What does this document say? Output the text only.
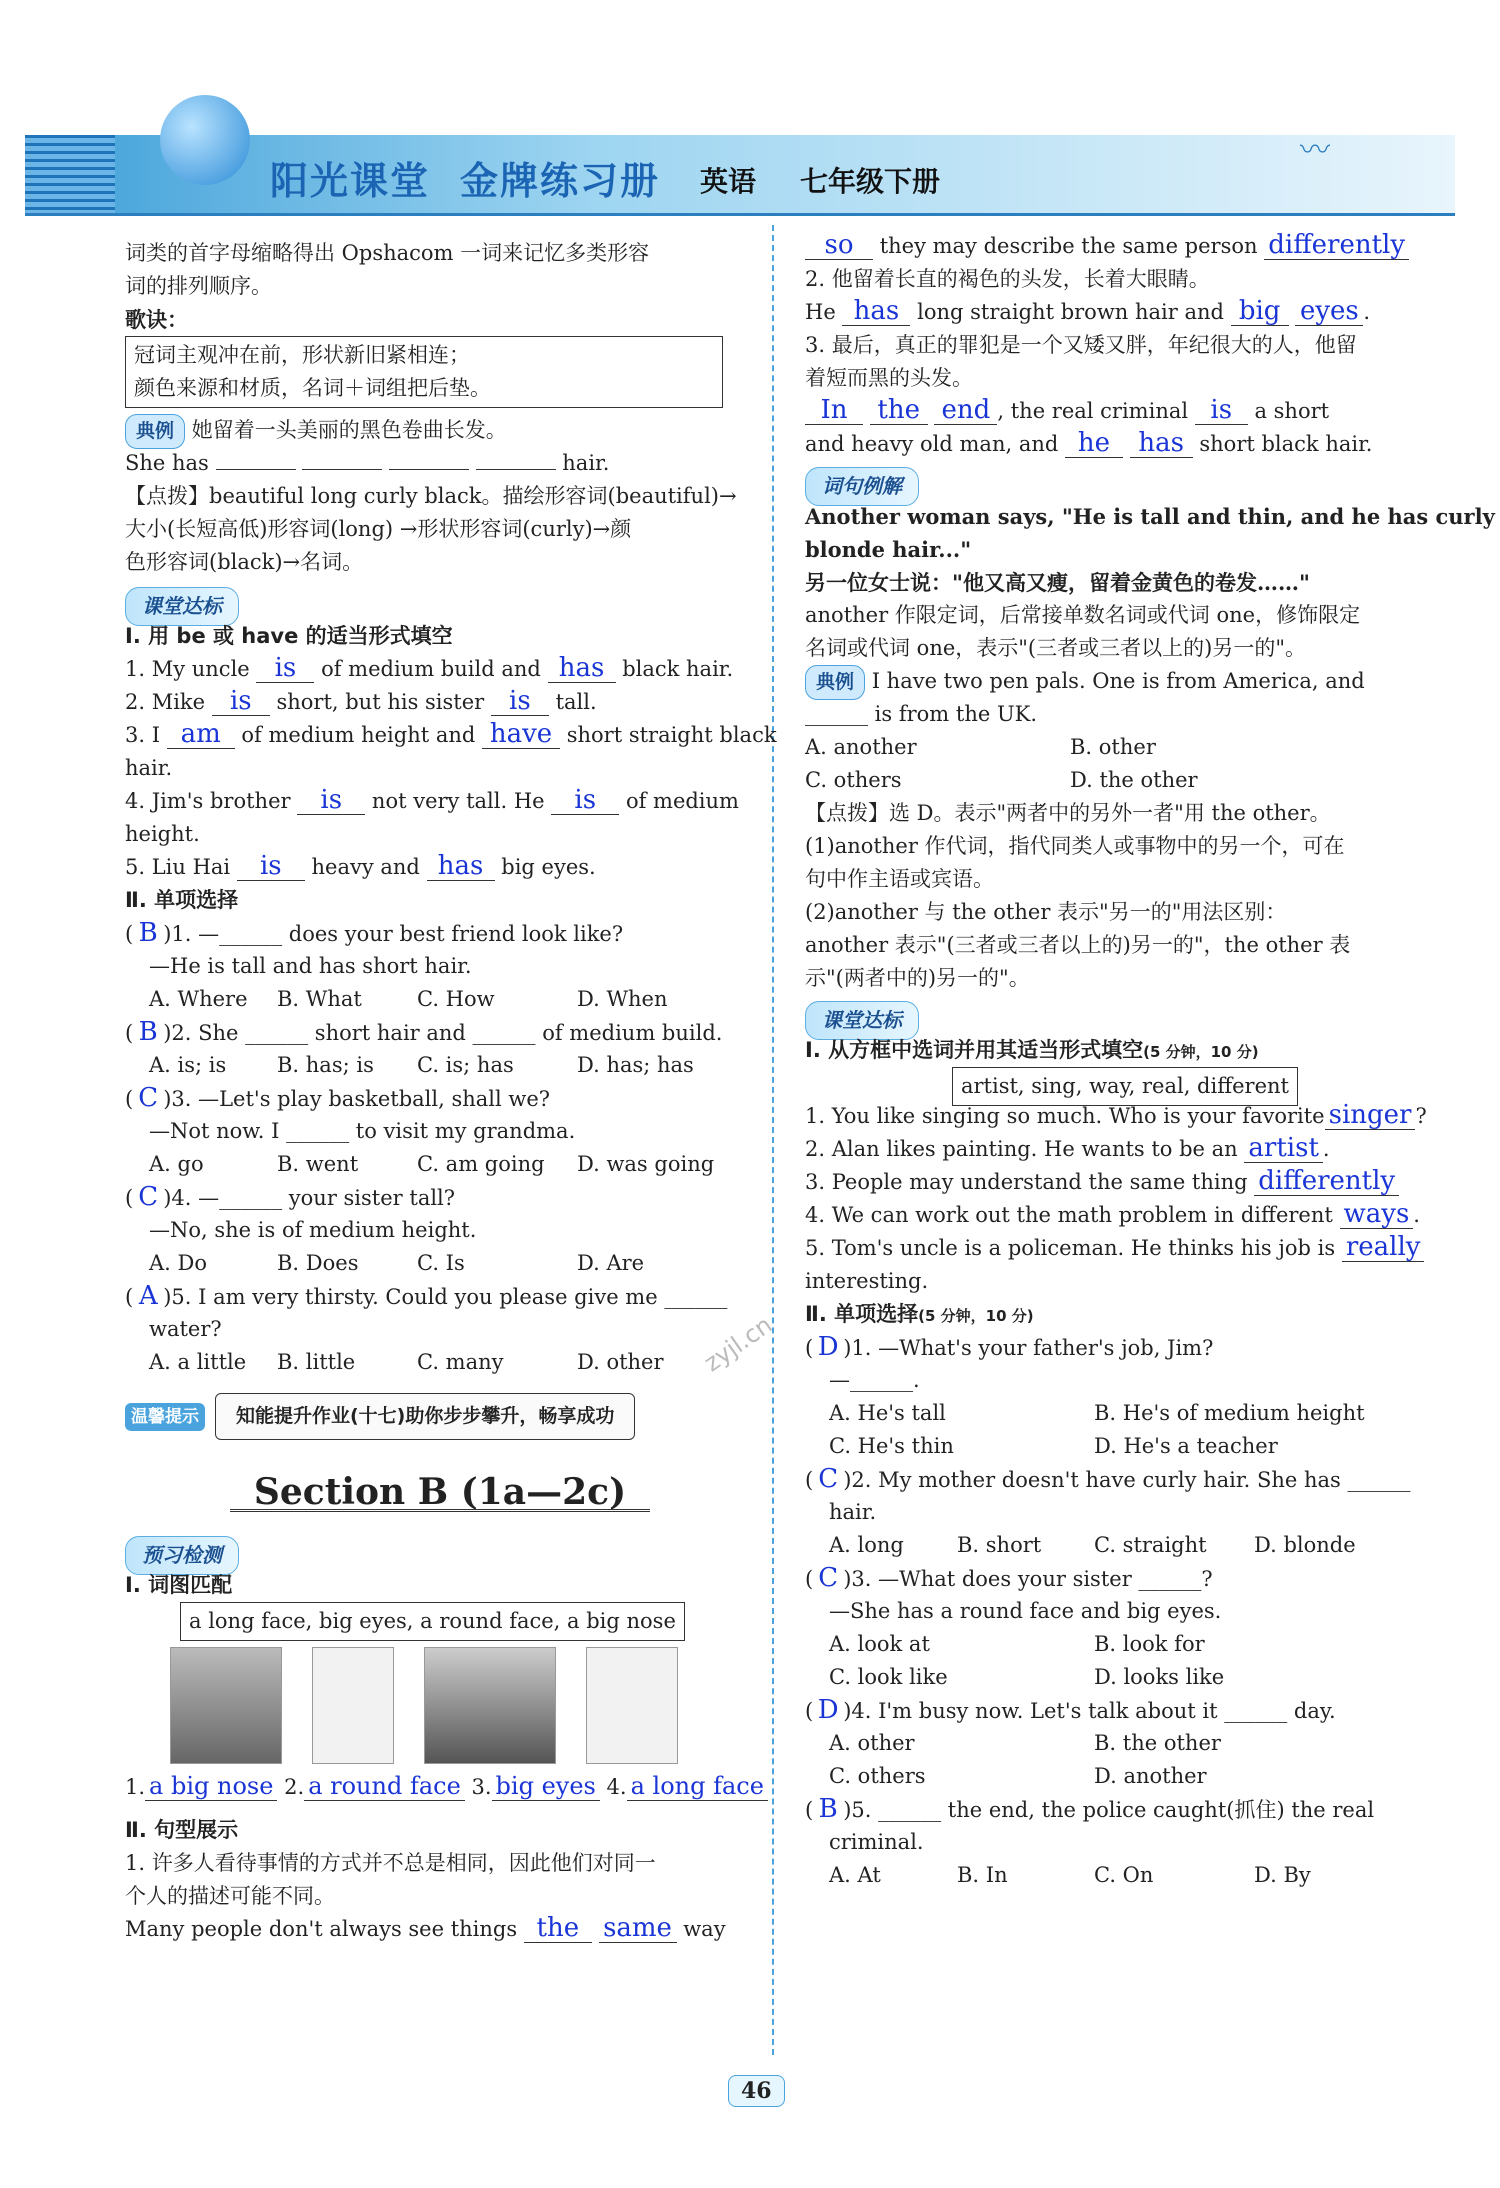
阳光课堂 金牌练习册 英语 七年级下册
〰
词类的首字母缩略得出 Opshacom 一词来记忆多类形容
词的排列顺序。
歌诀：
冠词主观冲在前，形状新旧紧相连；
颜色来源和材质，名词＋词组把后垫。
典例 她留着一头美丽的黑色卷曲长发。
She has	hair.
【点拨】beautiful long curly black。描绘形容词(beautiful)→
大小(长短高低)形容词(long) →形状形容词(curly)→颜
色形容词(black)→名词。
课堂达标
Ⅰ. 用 be 或 have 的适当形式填空
1. My uncle is of medium build and has black hair.
2. Mike is short, but his sister is tall.
3. I am of medium height and have short straight black
hair.
4. Jim's brother is not very tall. He is of medium
height.
5. Liu Hai is heavy and has big eyes.
Ⅱ. 单项选择
( B )1. —______ does your best friend look like?
—He is tall and has short hair.
A. Where B. What	C. How	D. When
( B )2. She ______ short hair and ______ of medium build.
A. is; is B. has; is C. is; has	D. has; has
( C )3. —Let's play basketball, shall we?
—Not now. I ______ to visit my grandma.
A. go	B. went	C. am going D. was going
( C )4. —______ your sister tall?
—No, she is of medium height.
A. Do	B. Does	C. Is	D. Are
( A )5. I am very thirsty. Could you please give me ______
water?
A. a little B. little	C. many	D. other
温馨提示	知能提升作业(十七)助你步步攀升，畅享成功
Section B (1a—2c)
预习检测
Ⅰ. 词图匹配
a long face, big eyes, a round face, a big nose
1. a big nose 2. a round face 3. big eyes 4. a long face
Ⅱ. 句型展示
1. 许多人看待事情的方式并不总是相同，因此他们对同一
个人的描述可能不同。
Many people don't always see things the same way
so they may describe the same person differently
2. 他留着长直的褐色的头发，长着大眼睛。
He has long straight brown hair and big eyes .
3. 最后，真正的罪犯是一个又矮又胖，年纪很大的人，他留
着短而黑的头发。
In the end , the real criminal is a short
and heavy old man, and he has short black hair.
词句例解
Another woman says, "He is tall and thin, and he has curly
blonde hair..."
另一位女士说："他又高又瘦，留着金黄色的卷发……"
another 作限定词，后常接单数名词或代词 one，修饰限定
名词或代词 one，表示"(三者或三者以上的)另一的"。
典例 I have two pen pals. One is from America, and
______ is from the UK.
A. another	B. other
C. others	D. the other
【点拨】选 D。表示"两者中的另外一者"用 the other。
(1)another 作代词，指代同类人或事物中的另一个，可在
句中作主语或宾语。
(2)another 与 the other 表示"另一的"用法区别：
another 表示"(三者或三者以上的)另一的"，the other 表
示"(两者中的)另一的"。
课堂达标
Ⅰ. 从方框中选词并用其适当形式填空(5 分钟，10 分)
artist, sing, way, real, different
1. You like singing so much. Who is your favorite singer ?
2. Alan likes painting. He wants to be an artist .
3. People may understand the same thing differently
4. We can work out the math problem in different ways .
5. Tom's uncle is a policeman. He thinks his job is really
interesting.
Ⅱ. 单项选择(5 分钟，10 分)
( D )1. —What's your father's job, Jim?
—______.
A. He's tall	B. He's of medium height
C. He's thin	D. He's a teacher
( C )2. My mother doesn't have curly hair. She has ______
hair.
A. long	B. short	C. straight D. blonde
( C )3. —What does your sister ______?
—She has a round face and big eyes.
A. look at	B. look for
C. look like	D. looks like
( D )4. I'm busy now. Let's talk about it ______ day.
A. other	B. the other
C. others	D. another
( B )5. ______ the end, the police caught(抓住) the real
criminal.
A. At	B. In	C. On	D. By
zyjl.cn
46
